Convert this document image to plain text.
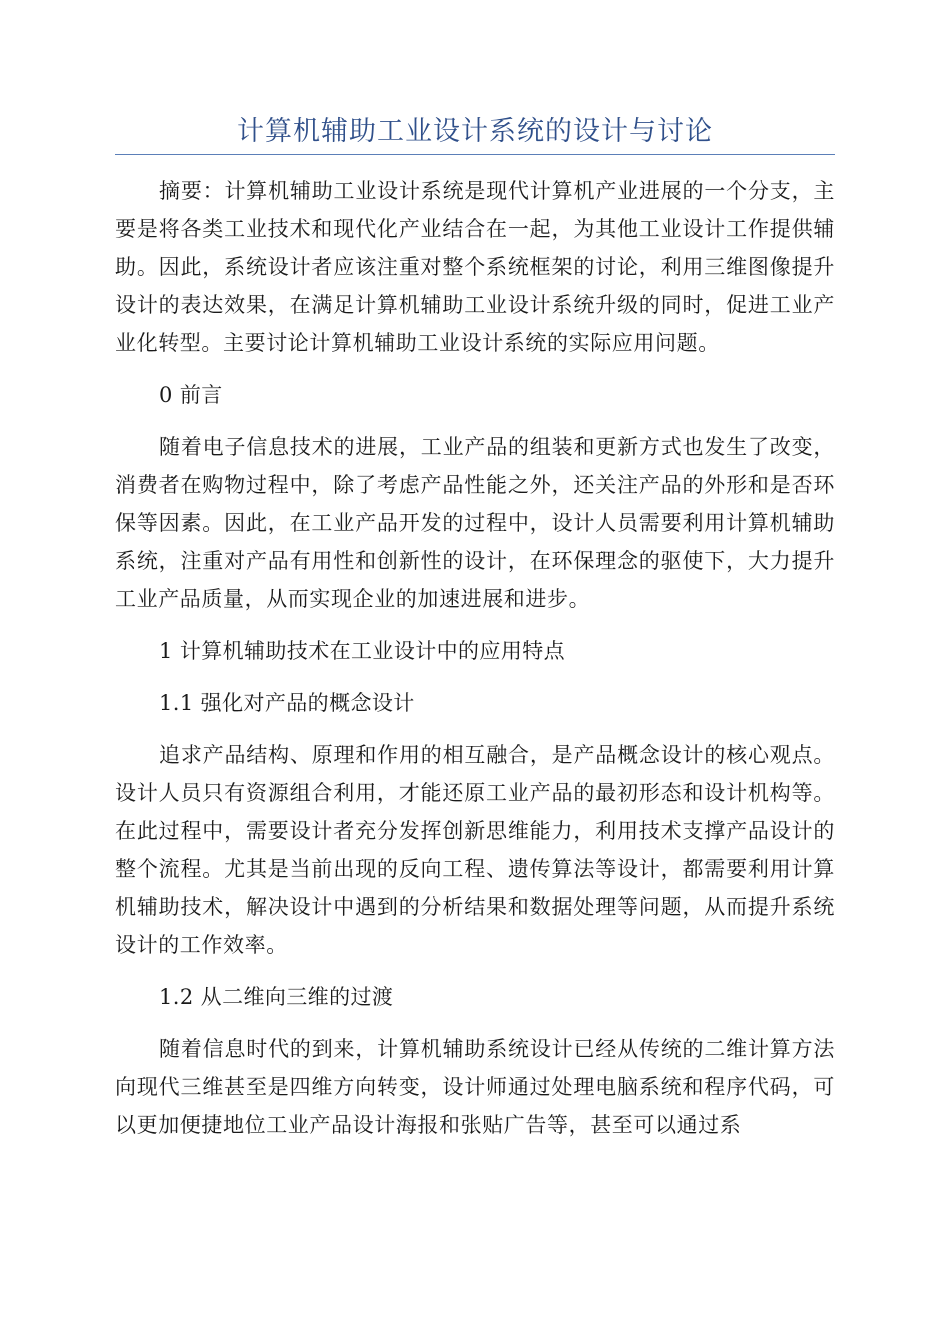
计算机辅助工业设计系统的设计与讨论

摘要：计算机辅助工业设计系统是现代计算机产业进展的一个分支，主要是将各类工业技术和现代化产业结合在一起，为其他工业设计工作提供辅助。因此，系统设计者应该注重对整个系统框架的讨论，利用三维图像提升设计的表达效果，在满足计算机辅助工业设计系统升级的同时，促进工业产业化转型。主要讨论计算机辅助工业设计系统的实际应用问题。

0 前言

随着电子信息技术的进展，工业产品的组装和更新方式也发生了改变，消费者在购物过程中，除了考虑产品性能之外，还关注产品的外形和是否环保等因素。因此，在工业产品开发的过程中，设计人员需要利用计算机辅助系统，注重对产品有用性和创新性的设计，在环保理念的驱使下，大力提升工业产品质量，从而实现企业的加速进展和进步。

1 计算机辅助技术在工业设计中的应用特点

1.1 强化对产品的概念设计

追求产品结构、原理和作用的相互融合，是产品概念设计的核心观点。设计人员只有资源组合利用，才能还原工业产品的最初形态和设计机构等。在此过程中，需要设计者充分发挥创新思维能力，利用技术支撑产品设计的整个流程。尤其是当前出现的反向工程、遗传算法等设计，都需要利用计算机辅助技术，解决设计中遇到的分析结果和数据处理等问题，从而提升系统设计的工作效率。

1.2 从二维向三维的过渡

随着信息时代的到来，计算机辅助系统设计已经从传统的二维计算方法向现代三维甚至是四维方向转变，设计师通过处理电脑系统和程序代码，可以更加便捷地位工业产品设计海报和张贴广告等，甚至可以通过系
